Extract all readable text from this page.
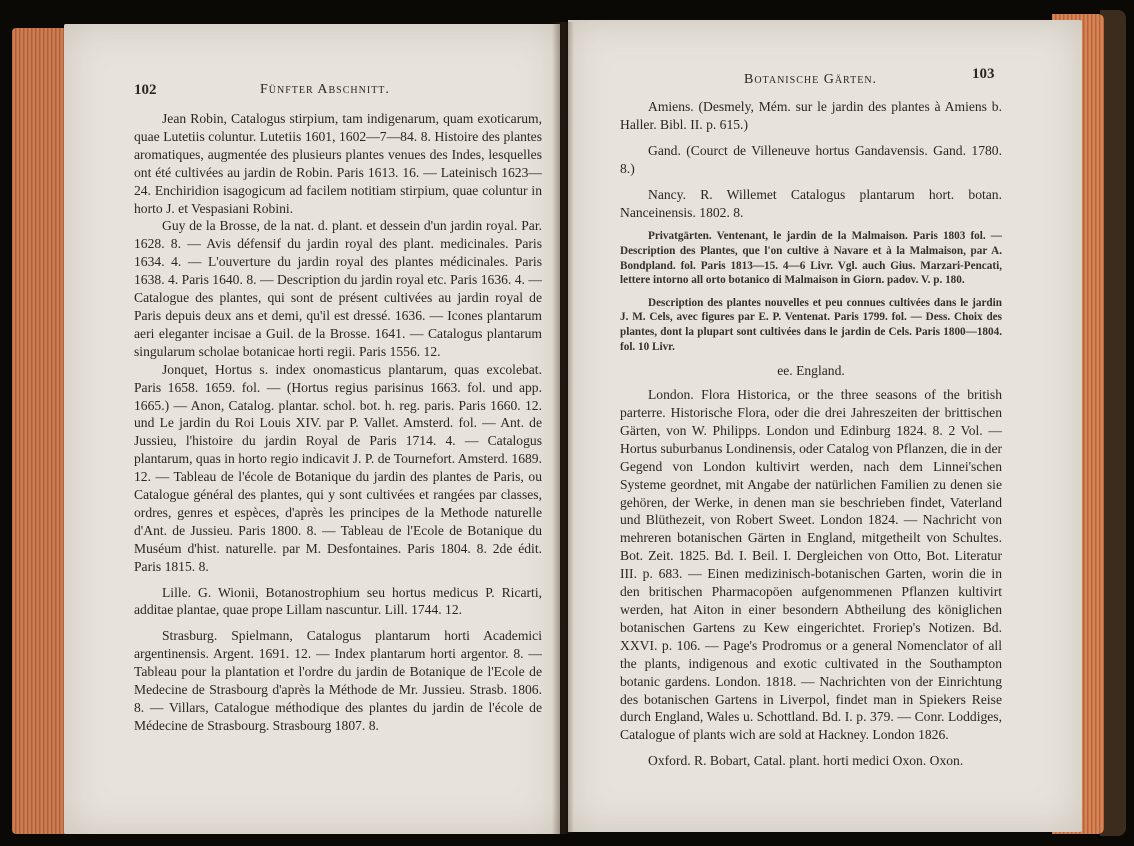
102	Fünfter Abschnitt.

Jean Robin, Catalogus stirpium, tam indigenarum, quam exoticarum, quae Lutetiis coluntur. Lutetiis 1601, 1602—7—84. 8. Histoire des plantes aromatiques, augmentée des plusieurs plantes venues des Indes, lesquelles ont été cultivées au jardin de Robin. Paris 1613. 16. — Lateinisch 1623—24. Enchiridion isagogicum ad facilem notitiam stirpium, quae coluntur in horto J. et Vespasiani Robini.

Guy de la Brosse, de la nat. d. plant. et dessein d'un jardin royal. Par. 1628. 8. — Avis défensif du jardin royal des plant. medicinales. Paris 1634. 4. — L'ouverture du jardin royal des plantes médicinales. Paris 1638. 4. Paris 1640. 8. — Description du jardin royal etc. Paris 1636. 4. — Catalogue des plantes, qui sont de présent cultivées au jardin royal de Paris depuis deux ans et demi, qu'il est dressé. 1636. — Icones plantarum aeri eleganter incisae a Guil. de la Brosse. 1641. — Catalogus plantarum singularum scholae botanicae horti regii. Paris 1556. 12.

Jonquet, Hortus s. index onomasticus plantarum, quas excolebat. Paris 1658. 1659. fol. — (Hortus regius parisinus 1663. fol. und app. 1665.) — Anon, Catalog. plantar. schol. bot. h. reg. paris. Paris 1660. 12. und Le jardin du Roi Louis XIV. par P. Vallet. Amsterd. fol. — Ant. de Jussieu, l'histoire du jardin Royal de Paris 1714. 4. — Catalogus plantarum, quas in horto regio indicavit J. P. de Tournefort. Amsterd. 1689. 12. — Tableau de l'école de Botanique du jardin des plantes de Paris, ou Catalogue général des plantes, qui y sont cultivées et rangées par classes, ordres, genres et espèces, d'après les principes de la Methode naturelle d'Ant. de Jussieu. Paris 1800. 8. — Tableau de l'Ecole de Botanique du Muséum d'hist. naturelle. par M. Desfontaines. Paris 1804. 8. 2de édit. Paris 1815. 8.

Lille. G. Wionii, Botanostrophium seu hortus medicus P. Ricarti, additae plantae, quae prope Lillam nascuntur. Lill. 1744. 12.

Strasburg. Spielmann, Catalogus plantarum horti Academici argentinensis. Argent. 1691. 12. — Index plantarum horti argentor. 8. — Tableau pour la plantation et l'ordre du jardin de Botanique de l'Ecole de Medecine de Strasbourg d'après la Méthode de Mr. Jussieu. Strasb. 1806. 8. — Villars, Catalogue méthodique des plantes du jardin de l'école de Médecine de Strasbourg. Strasbourg 1807. 8.

Botanische Gärten.	103

Amiens. (Desmely, Mém. sur le jardin des plantes à Amiens b. Haller. Bibl. II. p. 615.)

Gand. (Courct de Villeneuve hortus Gandavensis. Gand. 1780. 8.)

Nancy. R. Willemet Catalogus plantarum hort. botan. Nanceinensis. 1802. 8.

Privatgärten. Ventenant, le jardin de la Malmaison. Paris 1803 fol. — Description des Plantes, que l'on cultive à Navare et à la Malmaison, par A. Bondpland. fol. Paris 1813—15. 4—6 Livr. Vgl. auch Gius. Marzari-Pencati, lettere intorno all orto botanico di Malmaison in Giorn. padov. V. p. 180.

Description des plantes nouvelles et peu connues cultivées dans le jardin J. M. Cels, avec figures par E. P. Ventenat. Paris 1799. fol. — Dess. Choix des plantes, dont la plupart sont cultivées dans le jardin de Cels. Paris 1800—1804. fol. 10 Livr.

ee. England.

London. Flora Historica, or the three seasons of the british parterre. Historische Flora, oder die drei Jahreszeiten der brittischen Gärten, von W. Philipps. London und Edinburg 1824. 8. 2 Vol. — Hortus suburbanus Londinensis, oder Catalog von Pflanzen, die in der Gegend von London kultivirt werden, nach dem Linnei'schen Systeme geordnet, mit Angabe der natürlichen Familien zu denen sie gehören, der Werke, in denen man sie beschrieben findet, Vaterland und Blüthezeit, von Robert Sweet. London 1824. — Nachricht von mehreren botanischen Gärten in England, mitgetheilt von Schultes. Bot. Zeit. 1825. Bd. I. Beil. I. Dergleichen von Otto, Bot. Literatur III. p. 683. — Einen medizinisch-botanischen Garten, worin die in den britischen Pharmacopöen aufgenommenen Pflanzen kultivirt werden, hat Aiton in einer besondern Abtheilung des königlichen botanischen Gartens zu Kew eingerichtet. Froriep's Notizen. Bd. XXVI. p. 106. — Page's Prodromus or a general Nomenclator of all the plants, indigenous and exotic cultivated in the Southampton botanic gardens. London. 1818. — Nachrichten von der Einrichtung des botanischen Gartens in Liverpol, findet man in Spiekers Reise durch England, Wales u. Schottland. Bd. I. p. 379. — Conr. Loddiges, Catalogue of plants wich are sold at Hackney. London 1826.

Oxford. R. Bobart, Catal. plant. horti medici Oxon. Oxon.
